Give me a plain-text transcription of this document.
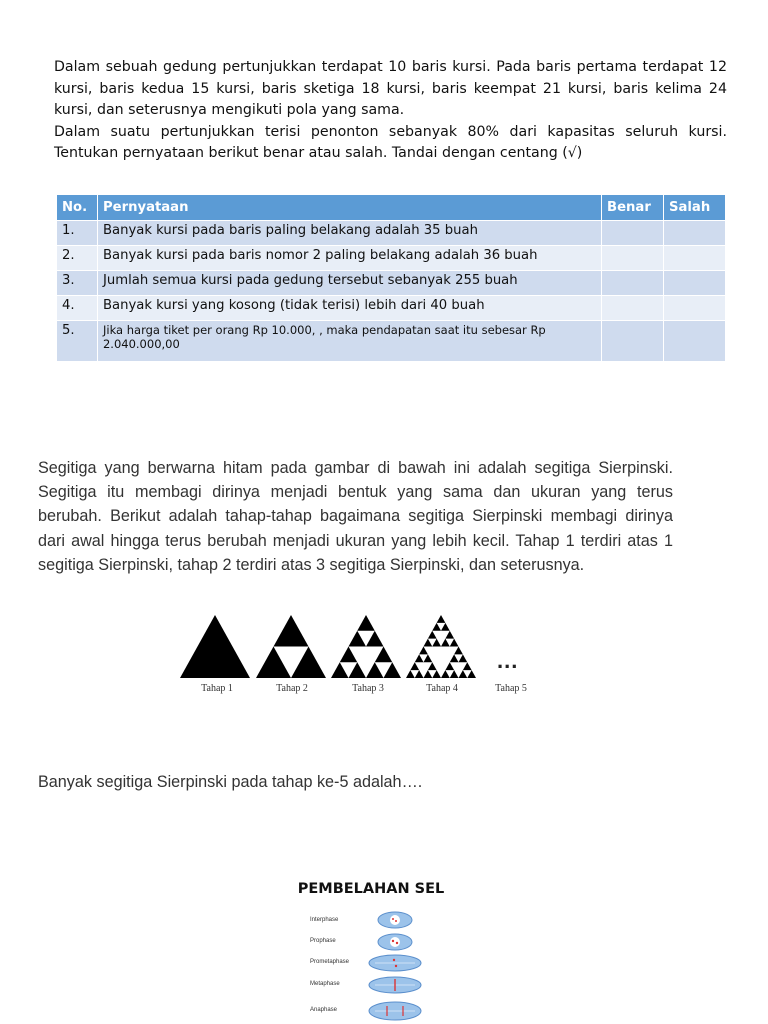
Dalam sebuah gedung pertunjukkan terdapat 10 baris kursi. Pada baris pertama terdapat 12 kursi, baris kedua 15 kursi, baris sketiga 18 kursi, baris keempat 21 kursi, baris kelima 24 kursi, dan seterusnya mengikuti pola yang sama.

Dalam suatu pertunjukkan terisi penonton sebanyak 80% dari kapasitas seluruh kursi. Tentukan pernyataan berikut benar atau salah. Tandai dengan centang (√)

No.	Pernyataan	Benar	Salah
1.	Banyak kursi pada baris paling belakang adalah 35 buah		
2.	Banyak kursi pada baris nomor 2 paling belakang adalah 36 buah		
3.	Jumlah semua kursi pada gedung tersebut sebanyak 255 buah		
4.	Banyak kursi yang kosong (tidak terisi) lebih dari 40 buah		
5.	Jika harga tiket per orang Rp 10.000, , maka pendapatan saat itu sebesar Rp 2.040.000,00		
Segitiga yang berwarna hitam pada gambar di bawah ini adalah segitiga Sierpinski. Segitiga itu membagi dirinya menjadi bentuk yang sama dan ukuran yang terus berubah. Berikut adalah tahap-tahap bagaimana segitiga Sierpinski membagi dirinya dari awal hingga terus berubah menjadi ukuran yang lebih kecil. Tahap 1 terdiri atas 1 segitiga Sierpinski, tahap 2 terdiri atas 3 segitiga Sierpinski, dan seterusnya.
Tahap 1	Tahap 2	Tahap 3	Tahap 4	Tahap 5
...
Banyak segitiga Sierpinski pada tahap ke-5 adalah….
PEMBELAHAN SEL
Interphase
Prophase
Prometaphase
Metaphase
Anaphase
